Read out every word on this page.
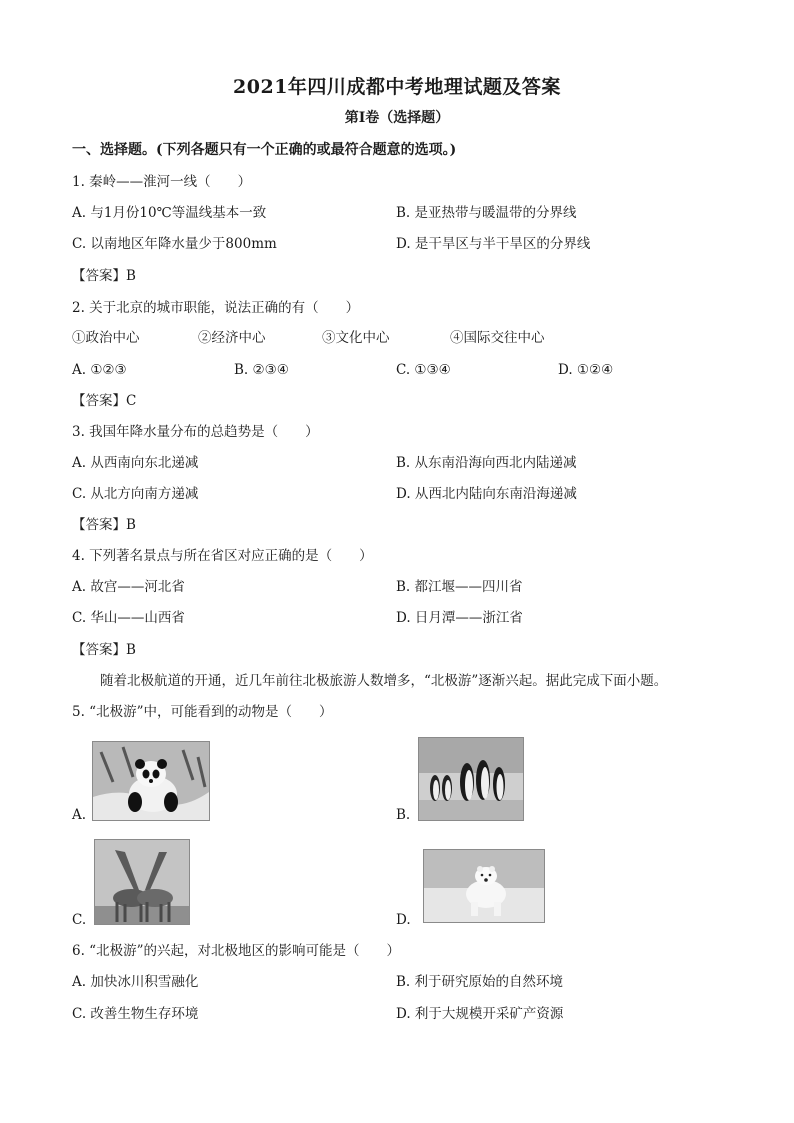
2021年四川成都中考地理试题及答案
第Ⅰ卷（选择题）
一、选择题。(下列各题只有一个正确的或最符合题意的选项。)
1. 秦岭——淮河一线（　　）
A. 与1月份10℃等温线基本一致	B. 是亚热带与暖温带的分界线
C. 以南地区年降水量少于800mm	D. 是干旱区与半干旱区的分界线
【答案】B
2. 关于北京的城市职能，说法正确的有（　　）
①政治中心	②经济中心	③文化中心	④国际交往中心
A. ①②③	B. ②③④	C. ①③④	D. ①②④
【答案】C
3. 我国年降水量分布的总趋势是（　　）
A. 从西南向东北递减	B. 从东南沿海向西北内陆递减
C. 从北方向南方递减	D. 从西北内陆向东南沿海递减
【答案】B
4. 下列著名景点与所在省区对应正确的是（　　）
A. 故宫——河北省	B. 都江堰——四川省
C. 华山——山西省	D. 日月潭——浙江省
【答案】B
随着北极航道的开通，近几年前往北极旅游人数增多，“北极游”逐渐兴起。据此完成下面小题。
5. “北极游”中，可能看到的动物是（　　）
A.	B.
C.	D.
6. “北极游”的兴起，对北极地区的影响可能是（　　）
A. 加快冰川积雪融化	B. 利于研究原始的自然环境
C. 改善生物生存环境	D. 利于大规模开采矿产资源
